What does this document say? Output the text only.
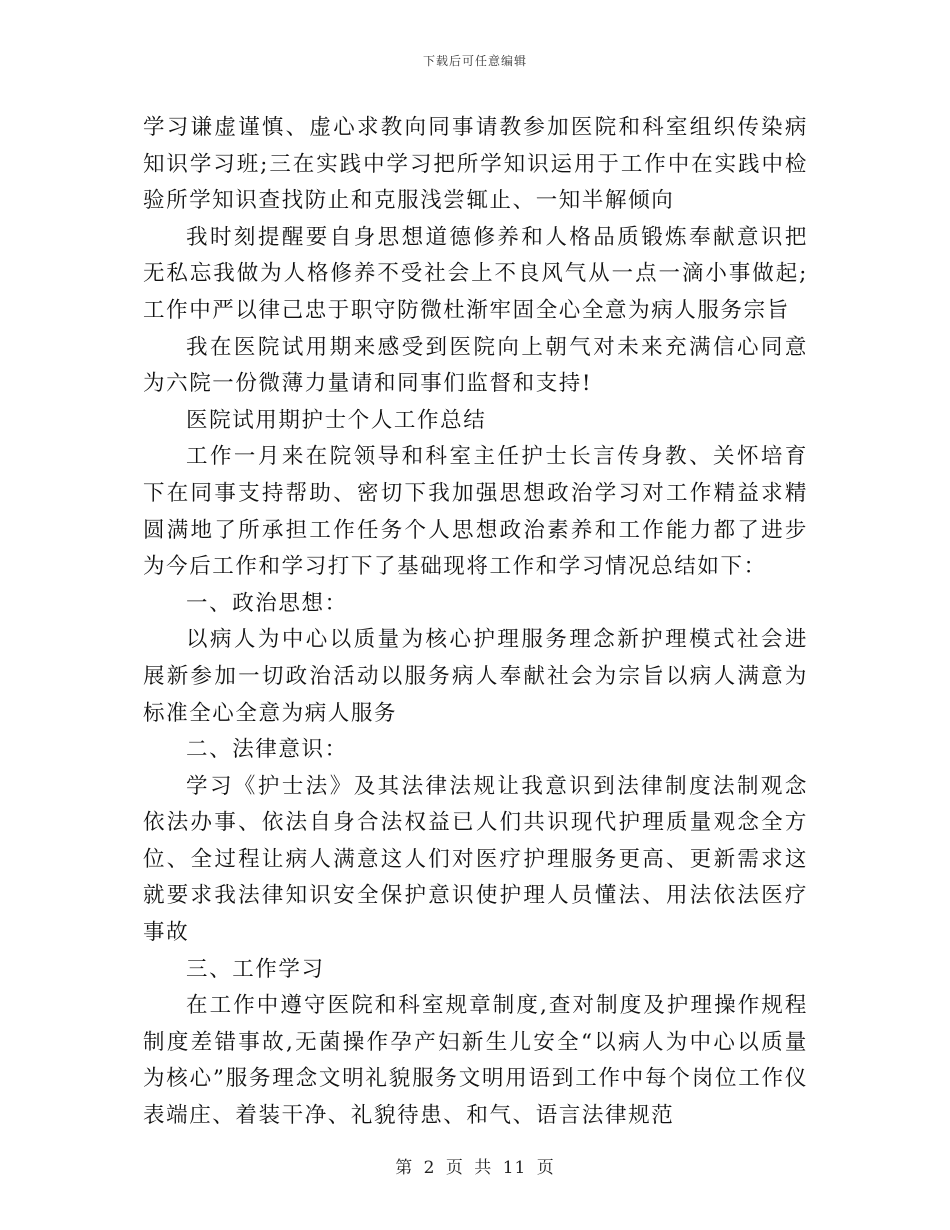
下载后可任意编辑

学习谦虚谨慎、虚心求教向同事请教参加医院和科室组织传染病知识学习班;三在实践中学习把所学知识运用于工作中在实践中检验所学知识查找防止和克服浅尝辄止、一知半解倾向

我时刻提醒要自身思想道德修养和人格品质锻炼奉献意识把无私忘我做为人格修养不受社会上不良风气从一点一滴小事做起;工作中严以律己忠于职守防微杜渐牢固全心全意为病人服务宗旨

我在医院试用期来感受到医院向上朝气对未来充满信心同意为六院一份微薄力量请和同事们监督和支持!

医院试用期护士个人工作总结

工作一月来在院领导和科室主任护士长言传身教、关怀培育下在同事支持帮助、密切下我加强思想政治学习对工作精益求精圆满地了所承担工作任务个人思想政治素养和工作能力都了进步为今后工作和学习打下了基础现将工作和学习情况总结如下：

一、政治思想：

以病人为中心以质量为核心护理服务理念新护理模式社会进展新参加一切政治活动以服务病人奉献社会为宗旨以病人满意为标准全心全意为病人服务

二、法律意识：

学习《护士法》及其法律法规让我意识到法律制度法制观念依法办事、依法自身合法权益已人们共识现代护理质量观念全方位、全过程让病人满意这人们对医疗护理服务更高、更新需求这就要求我法律知识安全保护意识使护理人员懂法、用法依法医疗事故

三、工作学习

在工作中遵守医院和科室规章制度,查对制度及护理操作规程制度差错事故,无菌操作孕产妇新生儿安全“以病人为中心以质量为核心”服务理念文明礼貌服务文明用语到工作中每个岗位工作仪表端庄、着装干净、礼貌待患、和气、语言法律规范

第 2 页 共 11 页
